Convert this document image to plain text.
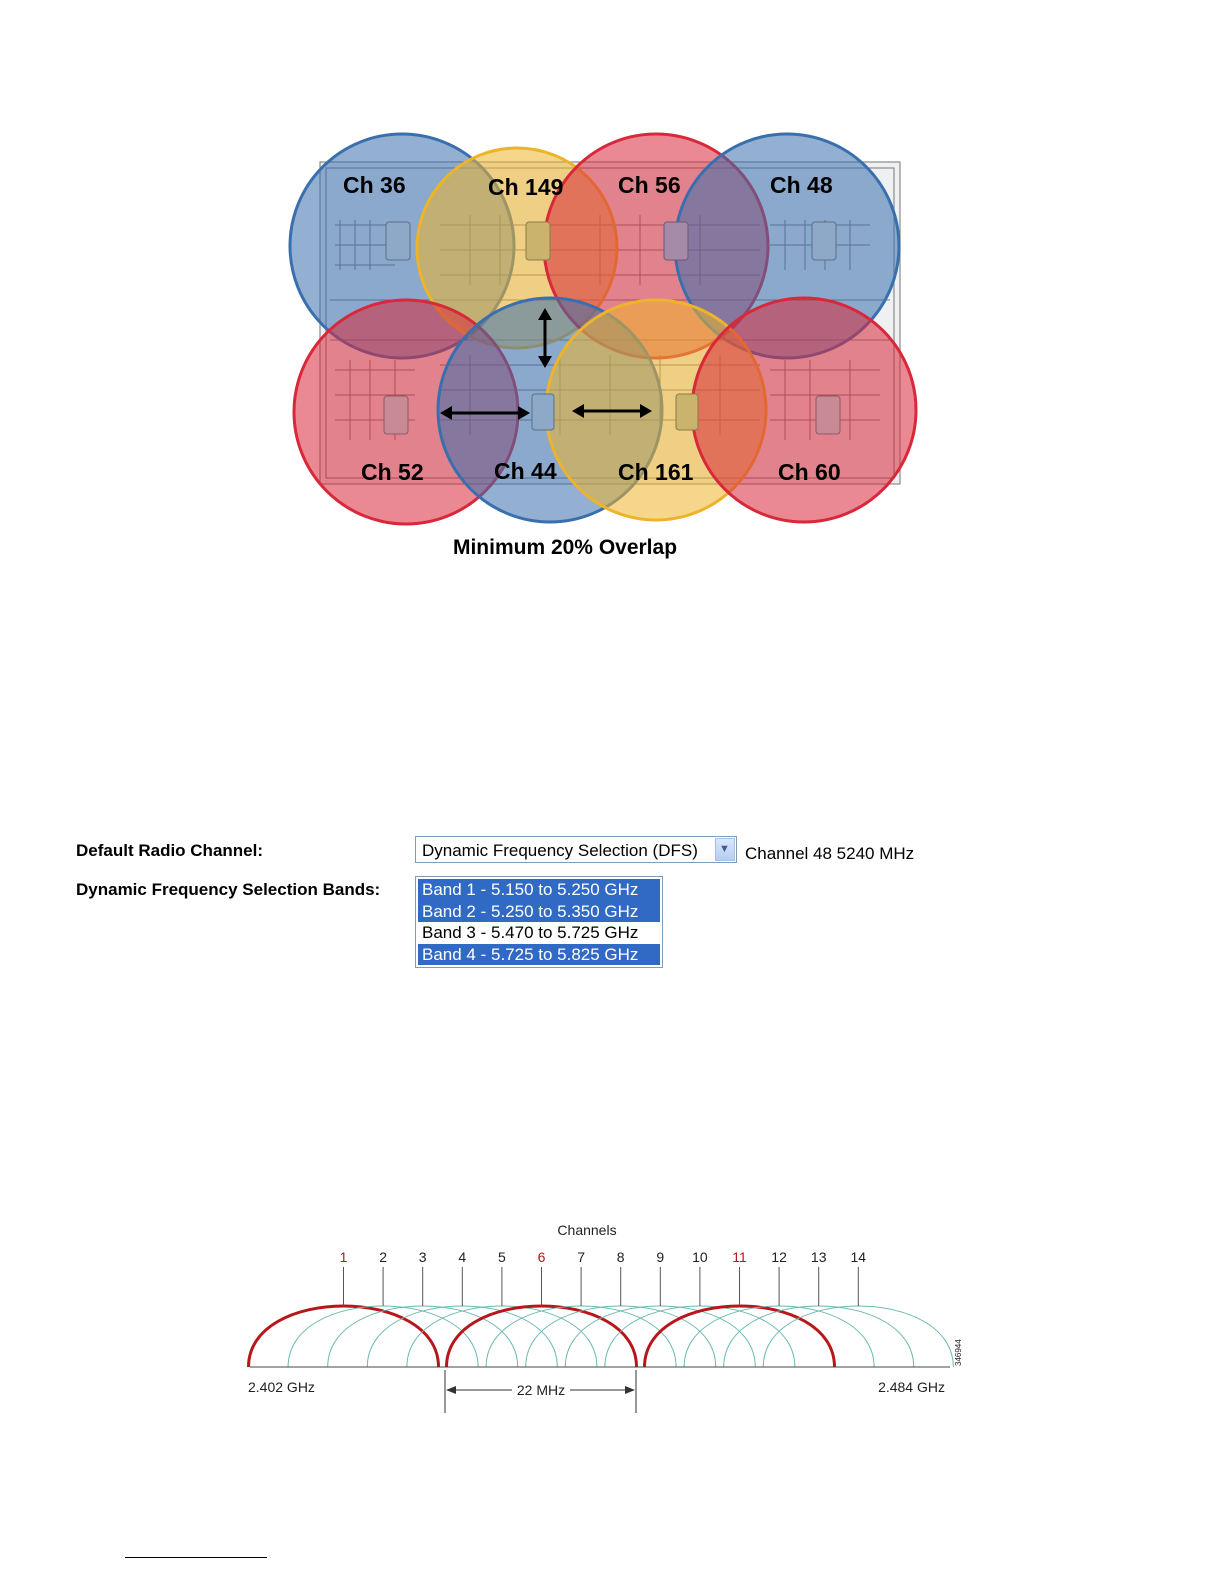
Ch 36	Ch 149 Ch 56	Ch 48
Ch 52	Ch 44	Ch 161	Ch 60
Minimum 20% Overlap
Default Radio Channel:	Dynamic Frequency Selection (DFS) ▼ Channel 48 5240 MHz
Dynamic Frequency Selection Bands: Band 1 - 5.150 to 5.250 GHz
Band 2 - 5.250 to 5.350 GHz
Band 3 - 5.470 to 5.725 GHz
Band 4 - 5.725 to 5.825 GHz
Channels
1 2 3 4 5 6 7 8 9 10 11 12 13 14
2.402 GHz	2.484 GHz
22 MHz
346944
